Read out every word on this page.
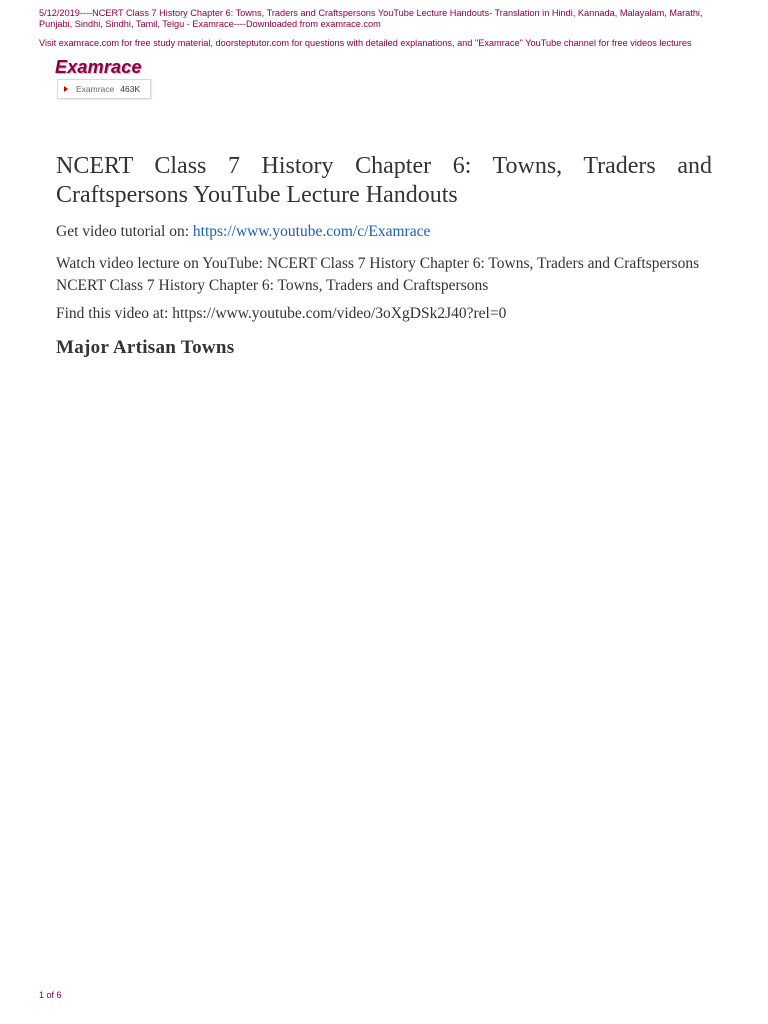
5/12/2019----NCERT Class 7 History Chapter 6: Towns, Traders and Craftspersons YouTube Lecture Handouts- Translation in Hindi, Kannada, Malayalam, Marathi, Punjabi, Sindhi, Sindhi, Tamil, Telgu - Examrace----Downloaded from examrace.com
Visit examrace.com for free study material, doorsteptutor.com for questions with detailed explanations, and "Examrace" YouTube channel for free videos lectures
Examrace
Examrace 463K
NCERT Class 7 History Chapter 6: Towns, Traders and Craftspersons YouTube Lecture Handouts
Get video tutorial on: https://www.youtube.com/c/Examrace
Watch video lecture on YouTube: NCERT Class 7 History Chapter 6: Towns, Traders and Craftspersons NCERT Class 7 History Chapter 6: Towns, Traders and Craftspersons
Find this video at: https://www.youtube.com/video/3oXgDSk2J40?rel=0
Major Artisan Towns
1 of 6
